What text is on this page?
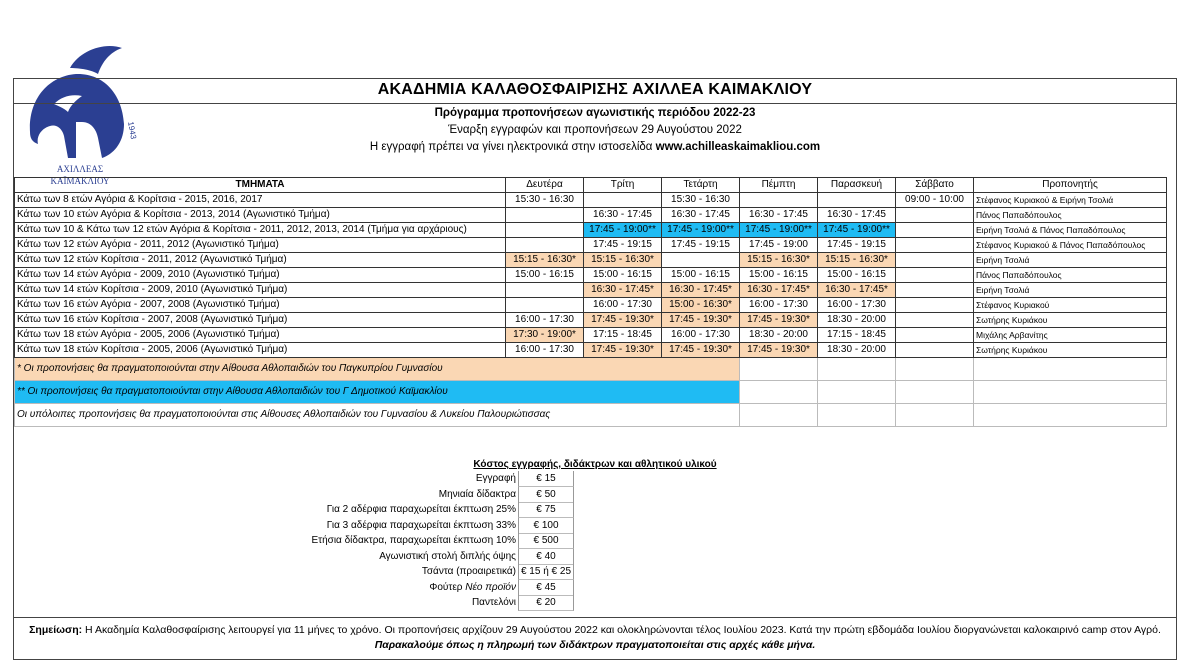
1943
ΑΧΙΛΛΕΑΣ
ΚΑΪΜΑΚΛΙΟΥ
ΑΚΑΔΗΜΙΑ ΚΑΛΑΘΟΣΦΑΙΡΙΣΗΣ ΑΧΙΛΛΕΑ ΚΑΙΜΑΚΛΙΟΥ
Πρόγραμμα προπονήσεων αγωνιστικής περιόδου 2022-23
Έναρξη εγγραφών και προπονήσεων 29 Αυγούστου 2022
Η εγγραφή πρέπει να γίνει ηλεκτρονικά στην ιστοσελίδα www.achilleaskaimakliou.com
ΤΜΗΜΑΤΑ	Δευτέρα	Τρίτη	Τετάρτη	Πέμπτη	Παρασκευή	Σάββατο	Προπονητής
Κάτω των 8 ετών Αγόρια & Κορίτσια - 2015, 2016, 2017	15:30 - 16:30		15:30 - 16:30			09:00 - 10:00	Στέφανος Κυριακού & Ειρήνη Τσολιά
Κάτω των 10 ετών Αγόρια & Κορίτσια - 2013, 2014 (Αγωνιστικό Τμήμα)		16:30 - 17:45	16:30 - 17:45	16:30 - 17:45	16:30 - 17:45		Πάνος Παπαδόπουλος
Κάτω των 10 & Κάτω των 12 ετών Αγόρια & Κορίτσια - 2011, 2012, 2013, 2014 (Τμήμα για αρχάριους)		17:45 - 19:00**	17:45 - 19:00**	17:45 - 19:00**	17:45 - 19:00**		Ειρήνη Τσολιά & Πάνος Παπαδόπουλος
Κάτω των 12 ετών Αγόρια - 2011, 2012 (Αγωνιστικό Τμήμα)		17:45 - 19:15	17:45 - 19:15	17:45 - 19:00	17:45 - 19:15		Στέφανος Κυριακού & Πάνος Παπαδόπουλος
Κάτω των 12 ετών Κορίτσια - 2011, 2012 (Αγωνιστικό Τμήμα)	15:15 - 16:30*	15:15 - 16:30*		15:15 - 16:30*	15:15 - 16:30*		Ειρήνη Τσολιά
Κάτω των 14 ετών Αγόρια - 2009, 2010 (Αγωνιστικό Τμήμα)	15:00 - 16:15	15:00 - 16:15	15:00 - 16:15	15:00 - 16:15	15:00 - 16:15		Πάνος Παπαδόπουλος
Κάτω των 14 ετών Κορίτσια - 2009, 2010 (Αγωνιστικό Τμήμα)		16:30 - 17:45*	16:30 - 17:45*	16:30 - 17:45*	16:30 - 17:45*		Ειρήνη Τσολιά
Κάτω των 16 ετών Αγόρια - 2007, 2008 (Αγωνιστικό Τμήμα)		16:00 - 17:30	15:00 - 16:30*	16:00 - 17:30	16:00 - 17:30		Στέφανος Κυριακού
Κάτω των 16 ετών Κορίτσια - 2007, 2008 (Αγωνιστικό Τμήμα)	16:00 - 17:30	17:45 - 19:30*	17:45 - 19:30*	17:45 - 19:30*	18:30 - 20:00		Σωτήρης Κυριάκου
Κάτω των 18 ετών Αγόρια - 2005, 2006 (Αγωνιστικό Τμήμα)	17:30 - 19:00*	17:15 - 18:45	16:00 - 17:30	18:30 - 20:00	17:15 - 18:45		Μιχάλης Αρβανίτης
Κάτω των 18 ετών Κορίτσια - 2005, 2006 (Αγωνιστικό Τμήμα)	16:00 - 17:30	17:45 - 19:30*	17:45 - 19:30*	17:45 - 19:30*	18:30 - 20:00		Σωτήρης Κυριάκου
* Οι προπονήσεις θα πραγματοποιούνται στην Αίθουσα Αθλοπαιδιών του Παγκυπρίου Γυμνασίου							
** Οι προπονήσεις θα πραγματοποιούνται στην Αίθουσα Αθλοπαιδιών του Γ Δημοτικού Καϊμακλίου							
Οι υπόλοιπες προπονήσεις θα πραγματοποιούνται στις Αίθουσες Αθλοπαιδιών του Γυμνασίου & Λυκείου Παλουριώτισσας							
Κόστος εγγραφής, διδάκτρων και αθλητικού υλικού
Εγγραφή	€ 15
Μηνιαία δίδακτρα	€ 50
Για 2 αδέρφια παραχωρείται έκπτωση 25%	€ 75
Για 3 αδέρφια παραχωρείται έκπτωση 33%	€ 100
Ετήσια δίδακτρα, παραχωρείται έκπτωση 10%	€ 500
Αγωνιστική στολή διπλής όψης	€ 40
Τσάντα (προαιρετικά) € 15 ή € 25
Φούτερ Νέο προϊόν	€ 45
Παντελόνι	€ 20
Σημείωση: Η Ακαδημία Καλαθοσφαίρισης λειτουργεί για 11 μήνες το χρόνο. Οι προπονήσεις αρχίζουν 29 Αυγούστου 2022 και ολοκληρώνονται τέλος Ιουλίου 2023. Κατά την πρώτη εβδομάδα Ιουλίου διοργανώνεται καλοκαιρινό camp στον Αγρό. Παρακαλούμε όπως η πληρωμή των διδάκτρων πραγματοποιείται στις αρχές κάθε μήνα.
